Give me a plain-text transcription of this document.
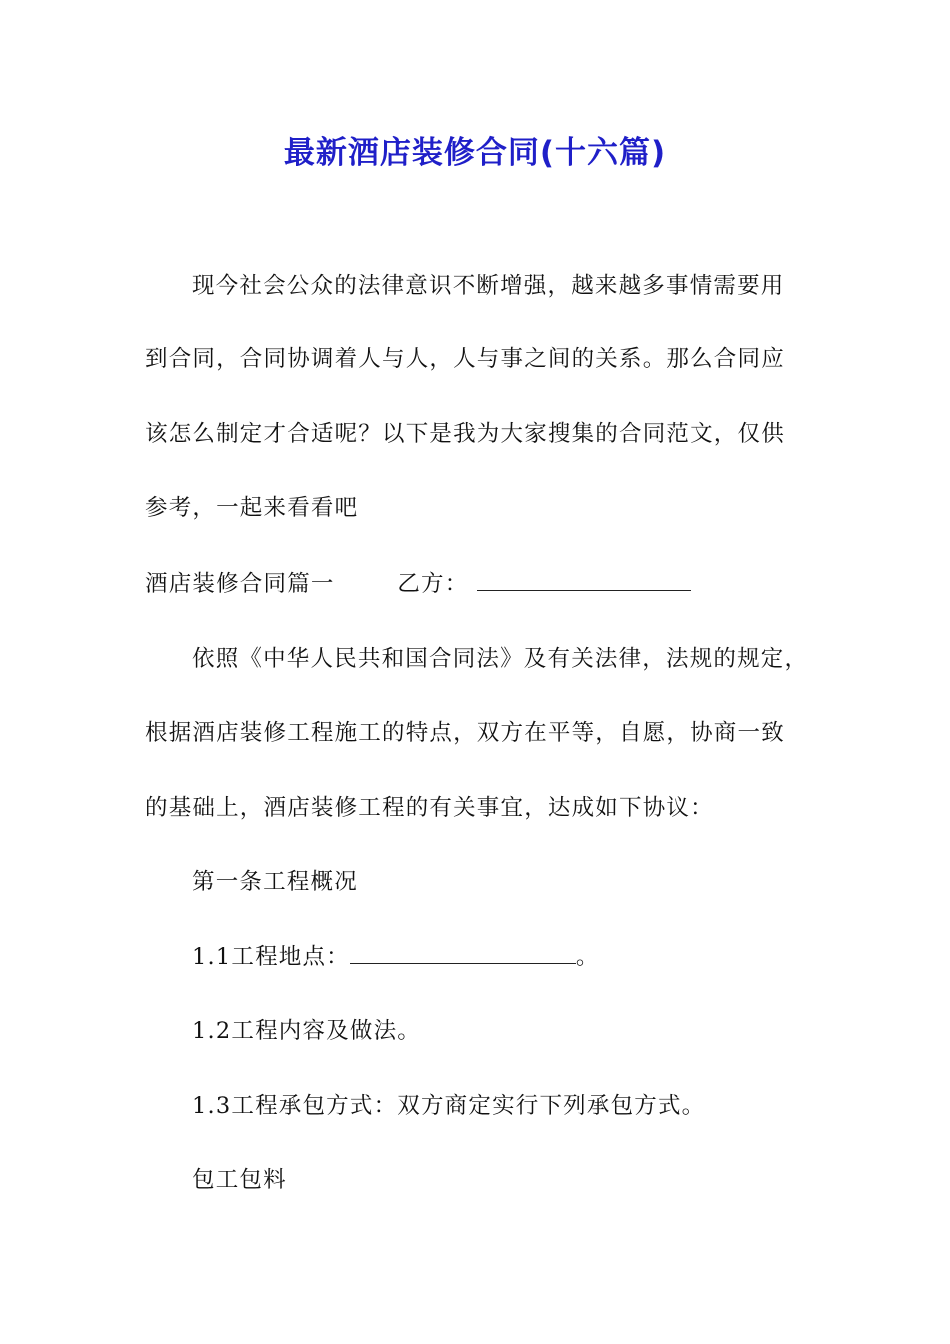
最新酒店装修合同(十六篇)
现今社会公众的法律意识不断增强，越来越多事情需要用
到合同，合同协调着人与人，人与事之间的关系。那么合同应
该怎么制定才合适呢？以下是我为大家搜集的合同范文，仅供
参考，一起来看看吧
酒店装修合同篇一	乙方：
依照《中华人民共和国合同法》及有关法律，法规的规定，
根据酒店装修工程施工的特点，双方在平等，自愿，协商一致
的基础上，酒店装修工程的有关事宜，达成如下协议：
第一条工程概况
1.1工程地点：	。
1.2工程内容及做法。
1.3工程承包方式：双方商定实行下列承包方式。
包工包料
